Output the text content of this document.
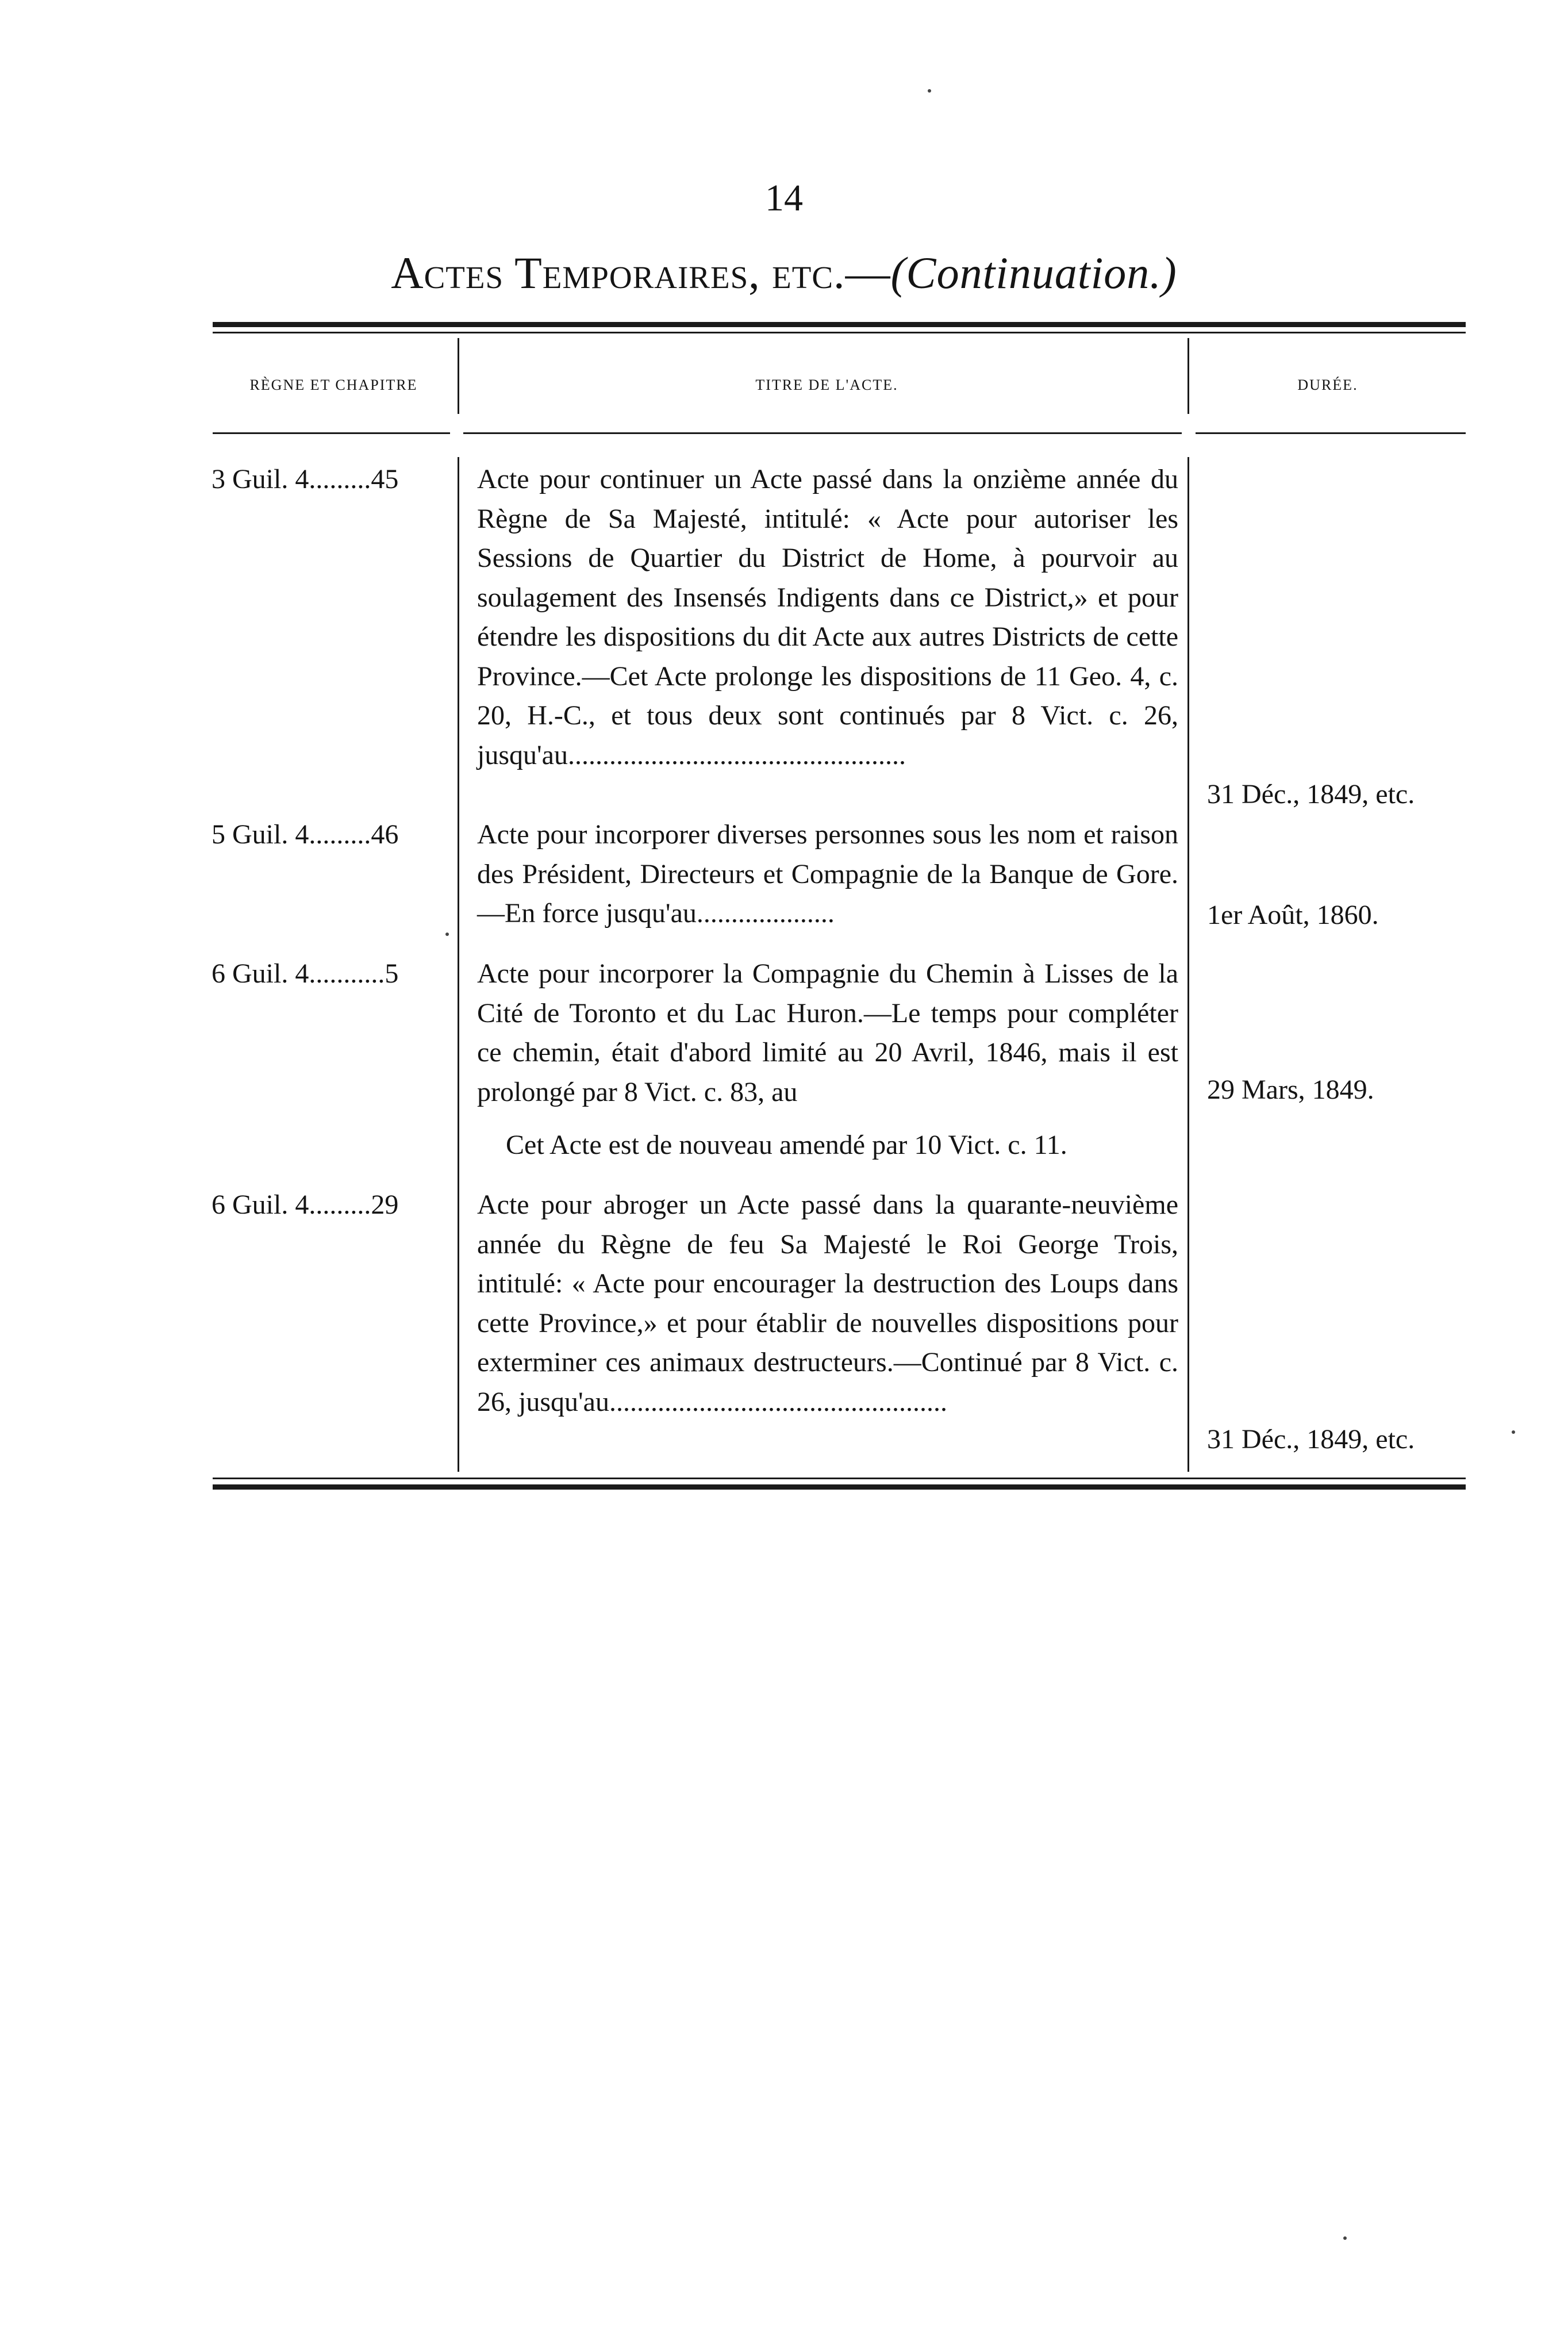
14
Actes Temporaires, etc.—(Continuation.)
RÈGNE ET CHAPITRE	TITRE DE L'ACTE.	DURÉE.
3 Guil. 4.........45	Acte pour continuer un Acte passé dans la onzième année du Règne de Sa Majesté, intitulé: « Acte pour autoriser les Sessions de Quartier du District de Home, à pourvoir au soulagement des Insensés Indigents dans ce District,» et pour étendre les dispositions du dit Acte aux autres Districts de cette Province.—Cet Acte prolonge les dispositions de 11 Geo. 4, c. 20, H.-C., et tous deux sont continués par 8 Vict. c. 26, jusqu'au.................................................
31 Déc., 1849, etc.
5 Guil. 4.........46	Acte pour incorporer diverses personnes sous les nom et raison des Président, Directeurs et Compagnie de la Banque de Gore.—En force jusqu'au....................	1er Août, 1860.
6 Guil. 4...........5	Acte pour incorporer la Compagnie du Chemin à Lisses de la Cité de Toronto et du Lac Huron.—Le temps pour compléter ce chemin, était d'abord limité au 20 Avril, 1846, mais il est prolongé par 8 Vict. c. 83, au	29 Mars, 1849.
Cet Acte est de nouveau amendé par 10 Vict. c. 11.
6 Guil. 4.........29	Acte pour abroger un Acte passé dans la quarante-neuvième année du Règne de feu Sa Majesté le Roi George Trois, intitulé: « Acte pour encourager la destruction des Loups dans cette Province,» et pour établir de nouvelles dispositions pour exterminer ces animaux destructeurs.—Continué par 8 Vict. c. 26, jusqu'au.................................................
31 Déc., 1849, etc.
